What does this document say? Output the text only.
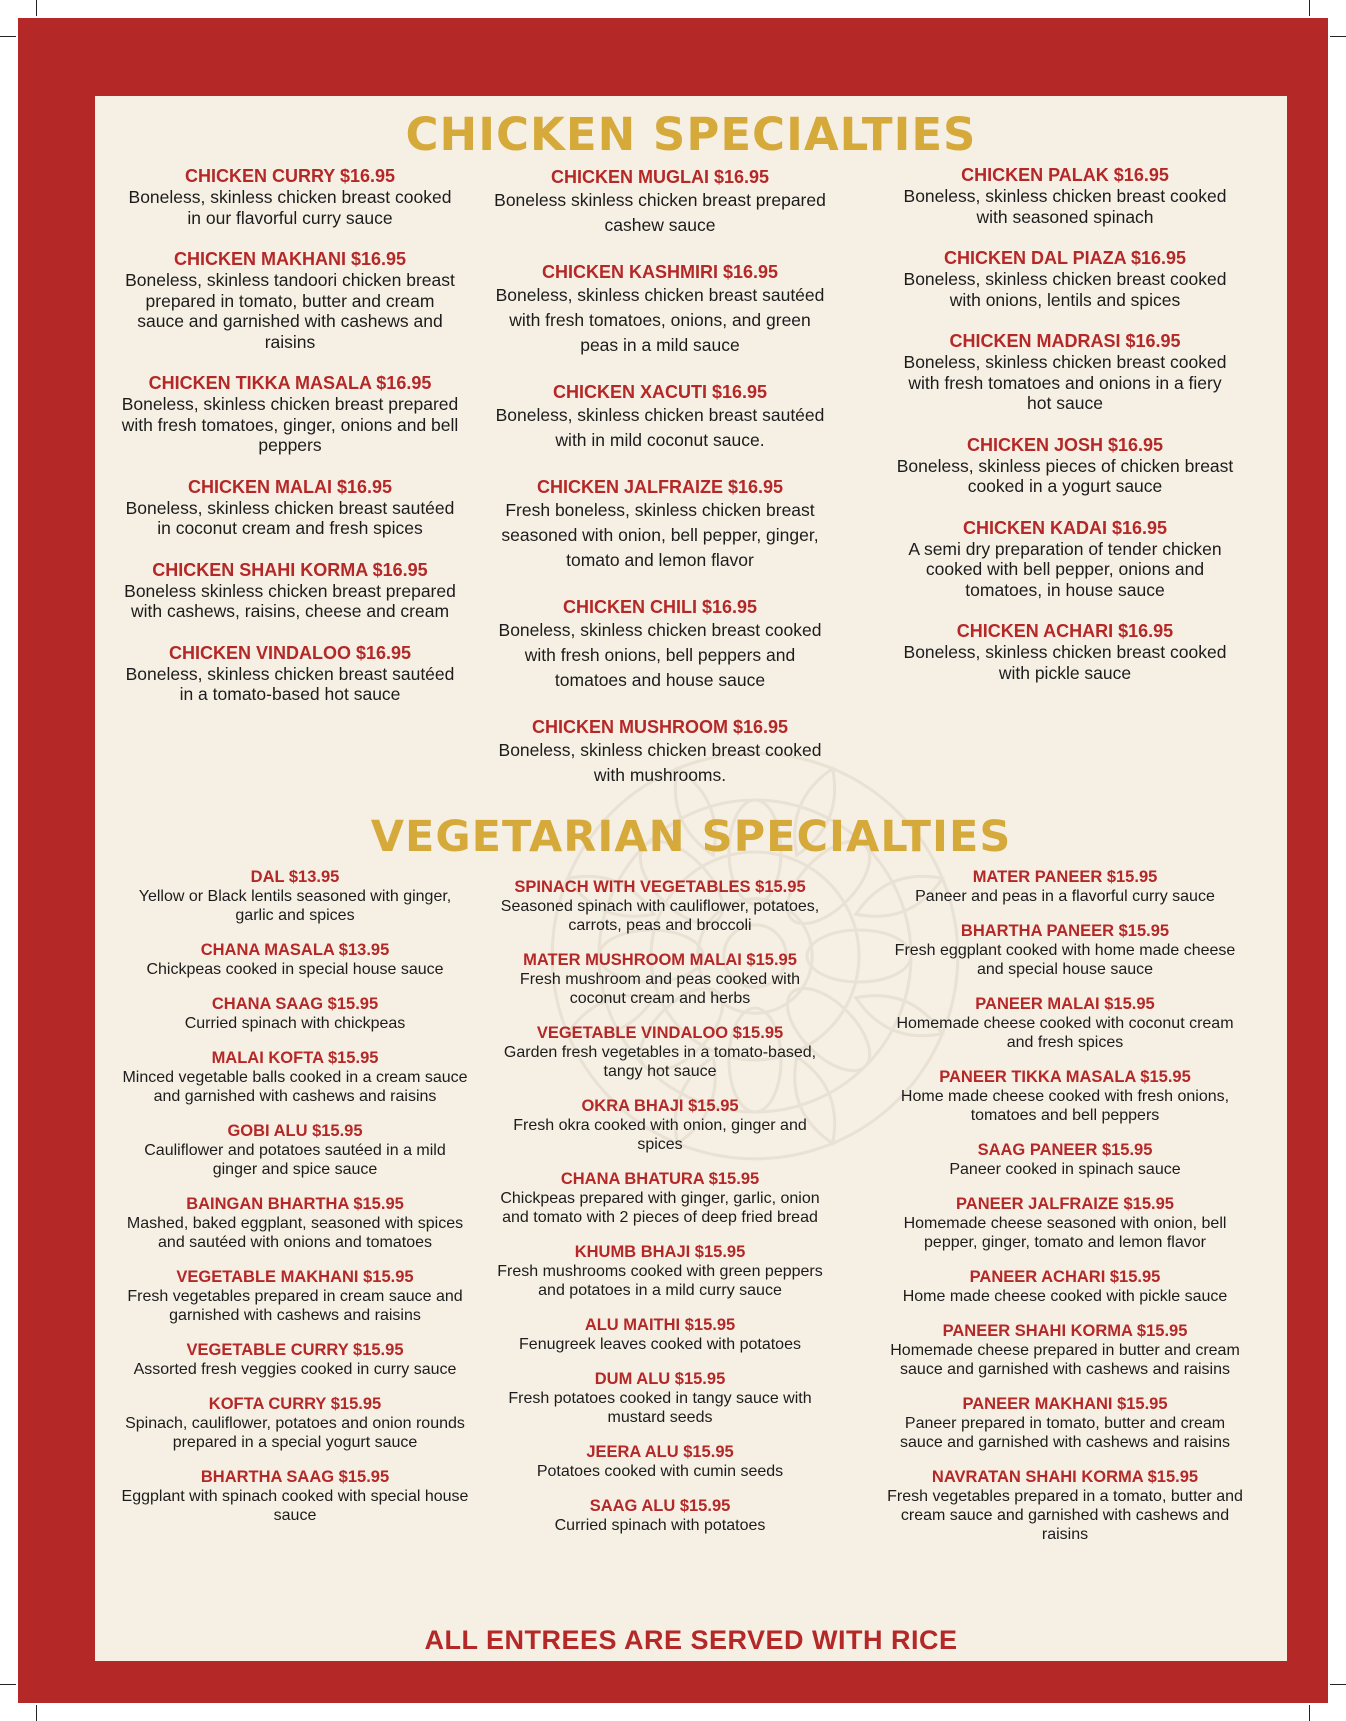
CHICKEN SPECIALTIES
CHICKEN CURRY $16.95
Boneless, skinless chicken breast cooked in our flavorful curry sauce
CHICKEN MAKHANI $16.95
Boneless, skinless tandoori chicken breast prepared in tomato, butter and cream sauce and garnished with cashews and raisins
CHICKEN TIKKA MASALA $16.95
Boneless, skinless chicken breast prepared with fresh tomatoes, ginger, onions and bell peppers
CHICKEN MALAI $16.95
Boneless, skinless chicken breast sautéed in coconut cream and fresh spices
CHICKEN SHAHI KORMA $16.95
Boneless skinless chicken breast prepared with cashews, raisins, cheese and cream
CHICKEN VINDALOO $16.95
Boneless, skinless chicken breast sautéed in a tomato-based hot sauce
CHICKEN MUGLAI $16.95
Boneless skinless chicken breast prepared cashew sauce
CHICKEN KASHMIRI $16.95
Boneless, skinless chicken breast sautéed with fresh tomatoes, onions, and green peas in a mild sauce
CHICKEN XACUTI $16.95
Boneless, skinless chicken breast sautéed with in mild coconut sauce.
CHICKEN JALFRAIZE $16.95
Fresh boneless, skinless chicken breast seasoned with onion, bell pepper, ginger, tomato and lemon flavor
CHICKEN CHILI $16.95
Boneless, skinless chicken breast cooked with fresh onions, bell peppers and tomatoes and house sauce
CHICKEN MUSHROOM $16.95
Boneless, skinless chicken breast cooked with mushrooms.
CHICKEN PALAK $16.95
Boneless, skinless chicken breast cooked with seasoned spinach
CHICKEN DAL PIAZA $16.95
Boneless, skinless chicken breast cooked with onions, lentils and spices
CHICKEN MADRASI $16.95
Boneless, skinless chicken breast cooked with fresh tomatoes and onions in a fiery hot sauce
CHICKEN JOSH $16.95
Boneless, skinless pieces of chicken breast cooked in a yogurt sauce
CHICKEN KADAI $16.95
A semi dry preparation of tender chicken cooked with bell pepper, onions and tomatoes, in house sauce
CHICKEN ACHARI $16.95
Boneless, skinless chicken breast cooked with pickle sauce
VEGETARIAN SPECIALTIES
DAL $13.95
Yellow or Black lentils seasoned with ginger, garlic and spices
CHANA MASALA $13.95
Chickpeas cooked in special house sauce
CHANA SAAG $15.95
Curried spinach with chickpeas
MALAI KOFTA $15.95
Minced vegetable balls cooked in a cream sauce and garnished with cashews and raisins
GOBI ALU $15.95
Cauliflower and potatoes sautéed in a mild ginger and spice sauce
BAINGAN BHARTHA $15.95
Mashed, baked eggplant, seasoned with spices and sautéed with onions and tomatoes
VEGETABLE MAKHANI $15.95
Fresh vegetables prepared in cream sauce and garnished with cashews and raisins
VEGETABLE CURRY $15.95
Assorted fresh veggies cooked in curry sauce
KOFTA CURRY $15.95
Spinach, cauliflower, potatoes and onion rounds prepared in a special yogurt sauce
BHARTHA SAAG $15.95
Eggplant with spinach cooked with special house sauce
SPINACH WITH VEGETABLES $15.95
Seasoned spinach with cauliflower, potatoes, carrots, peas and broccoli
MATER MUSHROOM MALAI $15.95
Fresh mushroom and peas cooked with coconut cream and herbs
VEGETABLE VINDALOO $15.95
Garden fresh vegetables in a tomato-based, tangy hot sauce
OKRA BHAJI $15.95
Fresh okra cooked with onion, ginger and spices
CHANA BHATURA $15.95
Chickpeas prepared with ginger, garlic, onion and tomato with 2 pieces of deep fried bread
KHUMB BHAJI $15.95
Fresh mushrooms cooked with green peppers and potatoes in a mild curry sauce
ALU MAITHI $15.95
Fenugreek leaves cooked with potatoes
DUM ALU $15.95
Fresh potatoes cooked in tangy sauce with mustard seeds
JEERA ALU $15.95
Potatoes cooked with cumin seeds
SAAG ALU $15.95
Curried spinach with potatoes
MATER PANEER $15.95
Paneer and peas in a flavorful curry sauce
BHARTHA PANEER $15.95
Fresh eggplant cooked with home made cheese and special house sauce
PANEER MALAI $15.95
Homemade cheese cooked with coconut cream and fresh spices
PANEER TIKKA MASALA $15.95
Home made cheese cooked with fresh onions, tomatoes and bell peppers
SAAG PANEER $15.95
Paneer cooked in spinach sauce
PANEER JALFRAIZE $15.95
Homemade cheese seasoned with onion, bell pepper, ginger, tomato and lemon flavor
PANEER ACHARI $15.95
Home made cheese cooked with pickle sauce
PANEER SHAHI KORMA $15.95
Homemade cheese prepared in butter and cream sauce and garnished with cashews and raisins
PANEER MAKHANI $15.95
Paneer prepared in tomato, butter and cream sauce and garnished with cashews and raisins
NAVRATAN SHAHI KORMA $15.95
Fresh vegetables prepared in a tomato, butter and cream sauce and garnished with cashews and raisins

ALL ENTREES ARE SERVED WITH RICE
